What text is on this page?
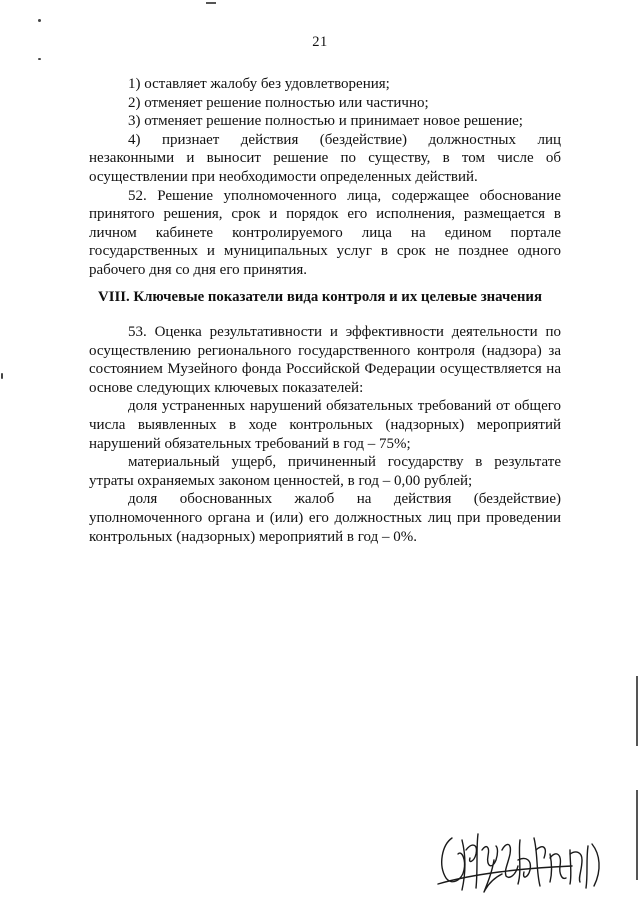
21

1) оставляет жалобу без удовлетворения;

2) отменяет решение полностью или частично;

3) отменяет решение полностью и принимает новое решение;

4) признает действия (бездействие) должностных лиц незаконными и выносит решение по существу, в том числе об осуществлении при необходимости определенных действий.

52. Решение уполномоченного лица, содержащее обоснование принятого решения, срок и порядок его исполнения, размещается в личном кабинете контролируемого лица на едином портале государственных и муниципальных услуг в срок не позднее одного рабочего дня со дня его принятия.

VIII. Ключевые показатели вида контроля и их целевые значения

53. Оценка результативности и эффективности деятельности по осуществлению регионального государственного контроля (надзора) за состоянием Музейного фонда Российской Федерации осуществляется на основе следующих ключевых показателей:

доля устраненных нарушений обязательных требований от общего числа выявленных в ходе контрольных (надзорных) мероприятий нарушений обязательных требований в год – 75%;

материальный ущерб, причиненный государству в результате утраты охраняемых законом ценностей, в год – 0,00 рублей;

доля обоснованных жалоб на действия (бездействие) уполномоченного органа и (или) его должностных лиц при проведении контрольных (надзорных) мероприятий в год – 0%.
